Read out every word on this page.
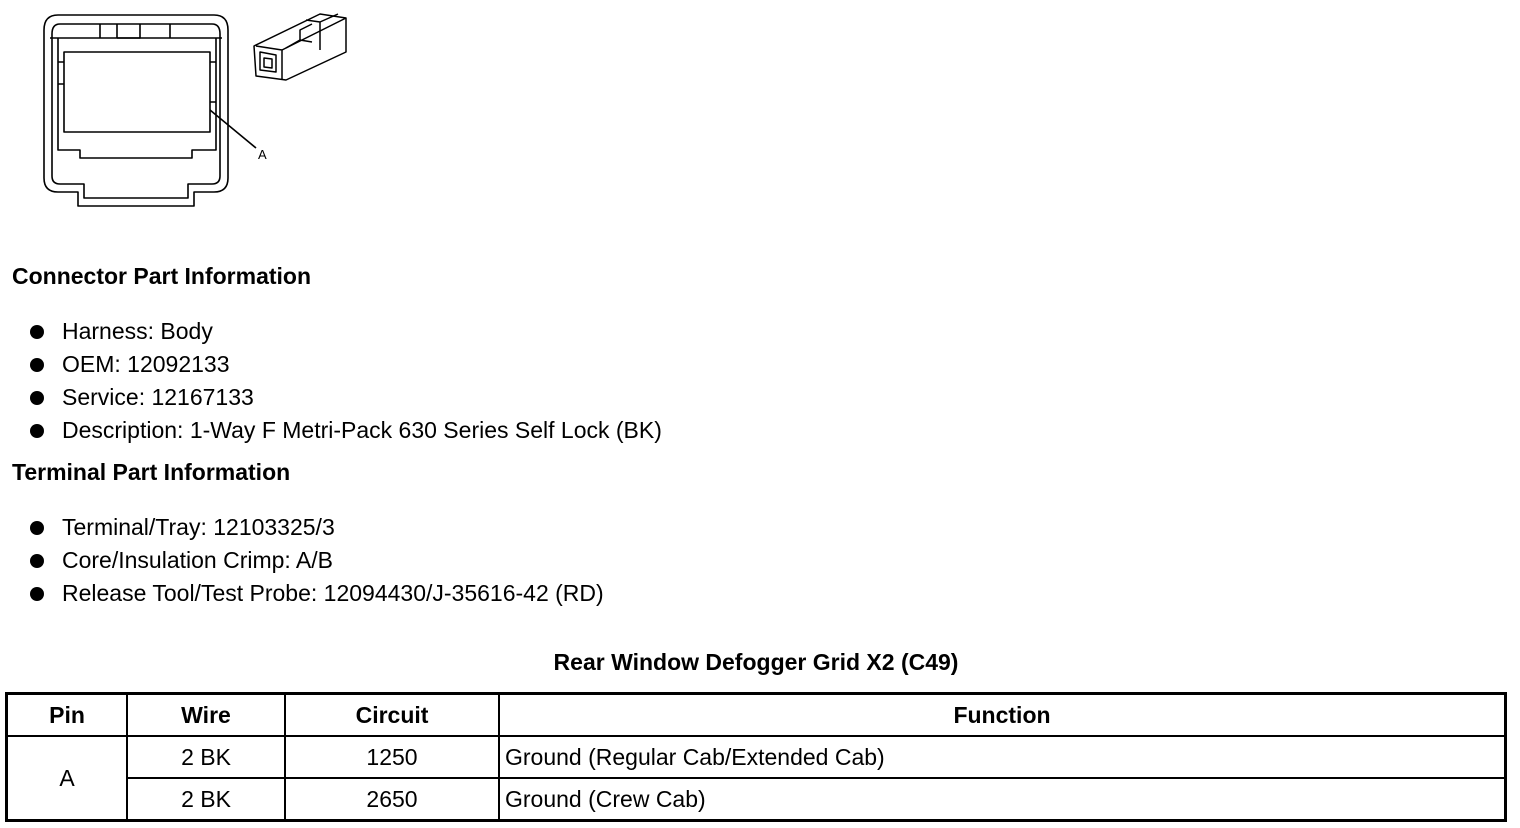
A
Connector Part Information
Harness: Body
OEM: 12092133
Service: 12167133
Description: 1-Way F Metri-Pack 630 Series Self Lock (BK)
Terminal Part Information
Terminal/Tray: 12103325/3
Core/Insulation Crimp: A/B
Release Tool/Test Probe: 12094430/J-35616-42 (RD)
Rear Window Defogger Grid X2 (C49)
Pin	Wire	Circuit	Function
A	2 BK	1250	Ground (Regular Cab/Extended Cab)
	2 BK	2650	Ground (Crew Cab)
